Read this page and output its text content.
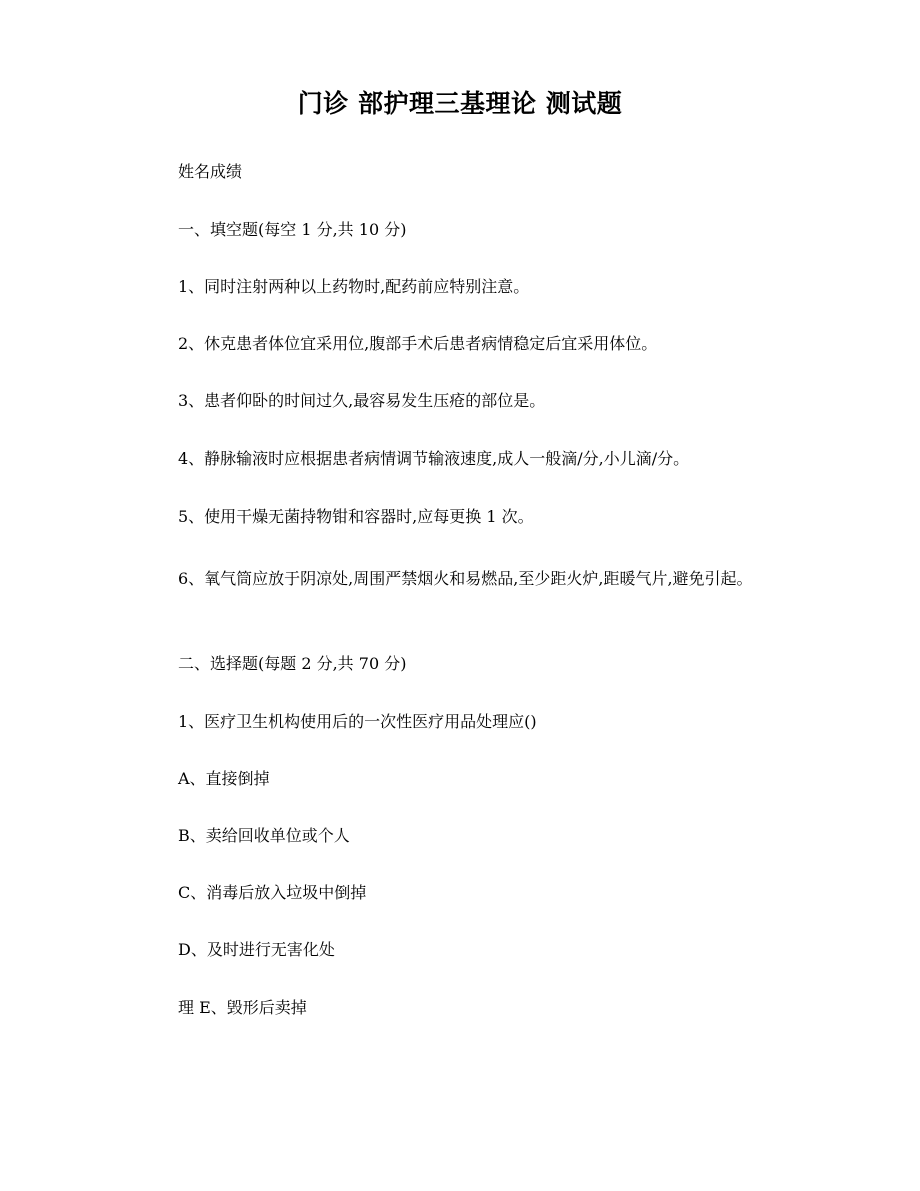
门诊 部护理三基理论 测试题
姓名成绩
一、填空题(每空 1 分,共 10 分)
1、同时注射两种以上药物时,配药前应特别注意。
2、休克患者体位宜采用位,腹部手术后患者病情稳定后宜采用体位。
3、患者仰卧的时间过久,最容易发生压疮的部位是。
4、静脉输液时应根据患者病情调节输液速度,成人一般滴/分,小儿滴/分。
5、使用干燥无菌持物钳和容器时,应每更换 1 次。
6、氧气筒应放于阴凉处,周围严禁烟火和易燃品,至少距火炉,距暖气片,避免引起。
二、选择题(每题 2 分,共 70 分)
1、医疗卫生机构使用后的一次性医疗用品处理应()
A、直接倒掉
B、卖给回收单位或个人
C、消毒后放入垃圾中倒掉
D、及时进行无害化处
理 E、毁形后卖掉
